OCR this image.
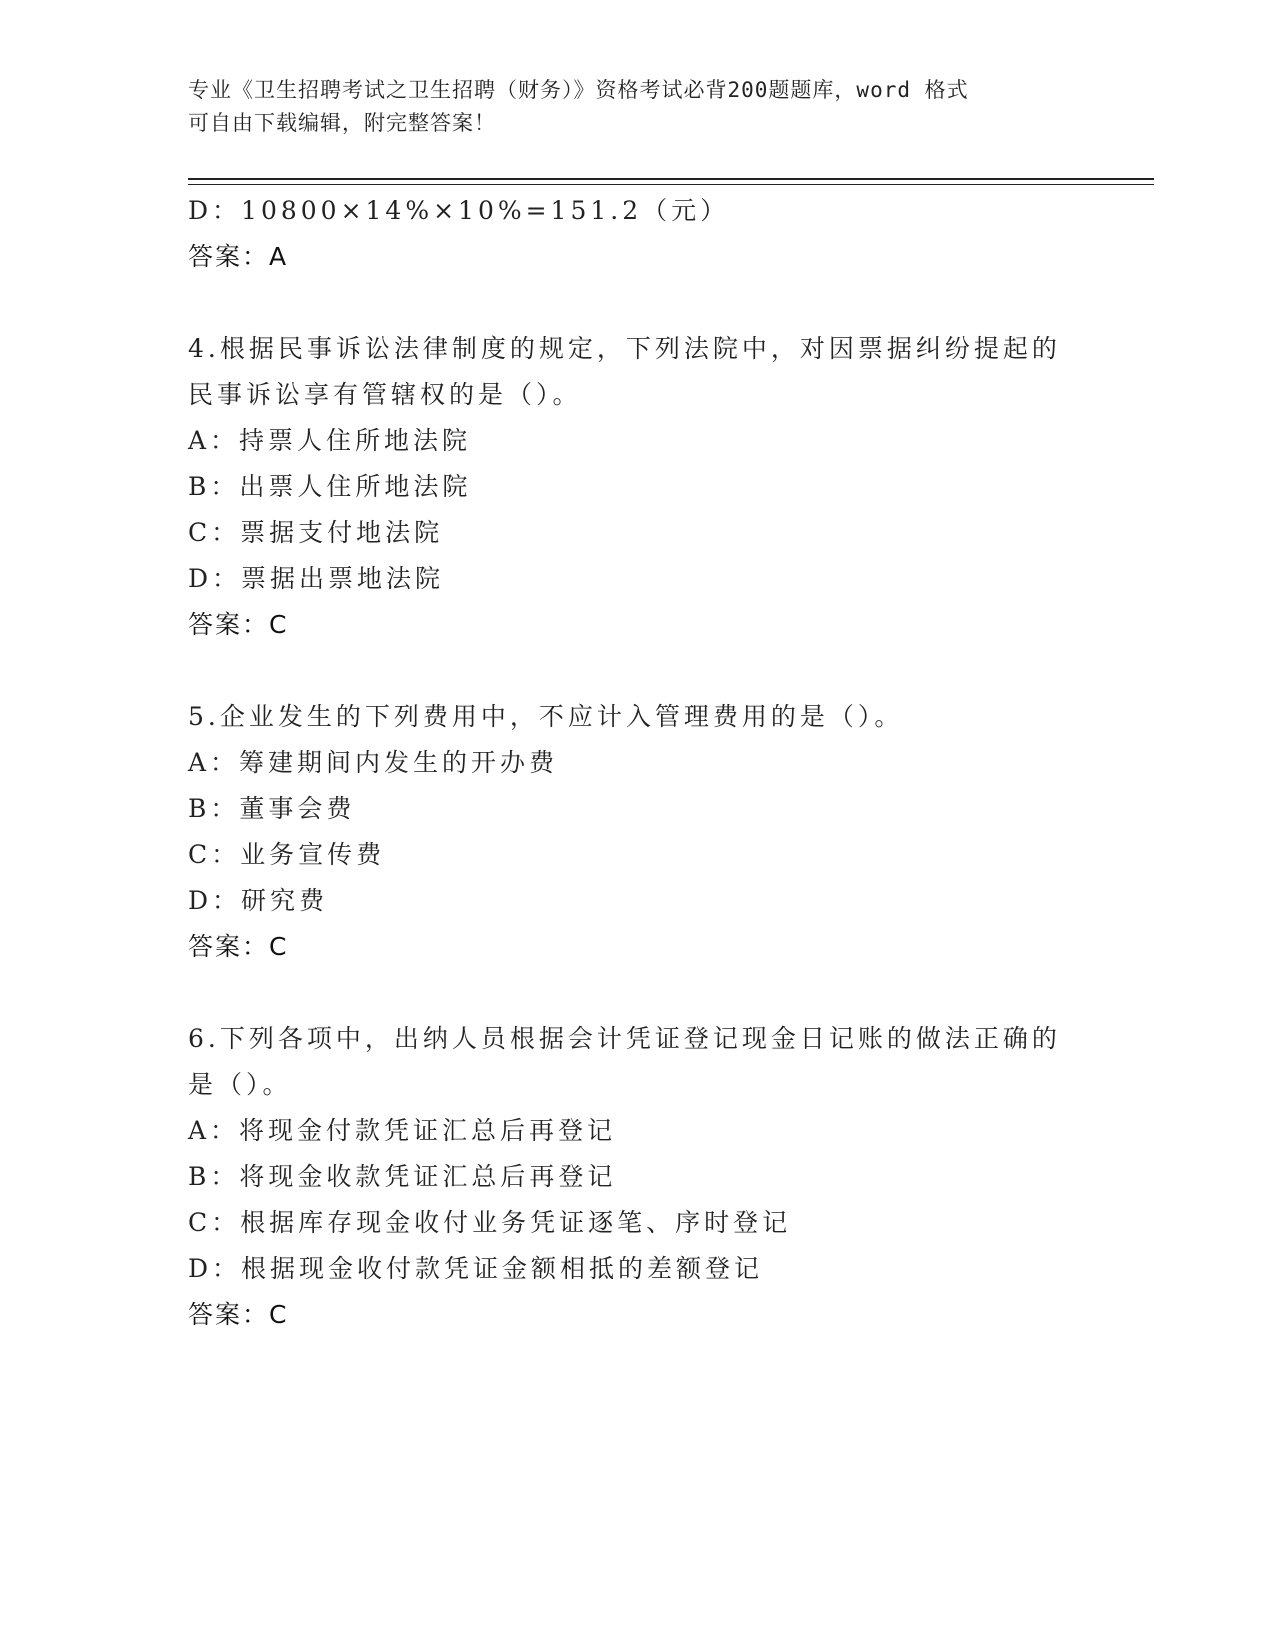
专业《卫生招聘考试之卫生招聘（财务）》资格考试必背200题题库，word 格式
可自由下载编辑，附完整答案！
D：10800×14%×10%=151.2（元）
答案：A
4.根据民事诉讼法律制度的规定，下列法院中，对因票据纠纷提起的
民事诉讼享有管辖权的是（）。
A：持票人住所地法院
B：出票人住所地法院
C：票据支付地法院
D：票据出票地法院
答案：C
5.企业发生的下列费用中，不应计入管理费用的是（）。
A：筹建期间内发生的开办费
B：董事会费
C：业务宣传费
D：研究费
答案：C
6.下列各项中，出纳人员根据会计凭证登记现金日记账的做法正确的
是（）。
A：将现金付款凭证汇总后再登记
B：将现金收款凭证汇总后再登记
C：根据库存现金收付业务凭证逐笔、序时登记
D：根据现金收付款凭证金额相抵的差额登记
答案：C
